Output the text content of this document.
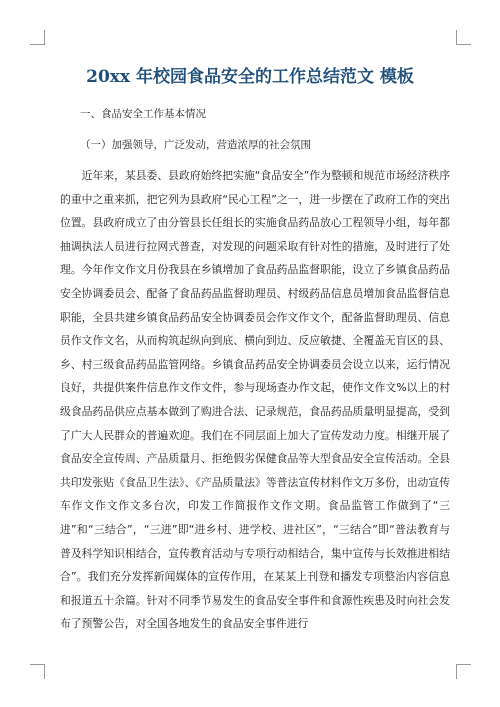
20xx 年校园食品安全的工作总结范文 模板
一、食品安全工作基本情况
（一）加强领导，广泛发动，营造浓厚的社会氛围

近年来，某县委、县政府始终把实施“食品安全”作为整顿和规范市场经济秩序的重中之重来抓，把它列为县政府“民心工程”之一，进一步摆在了政府工作的突出位置。县政府成立了由分管县长任组长的实施食品药品放心工程领导小组，每年都抽调执法人员进行拉网式普查，对发现的问题采取有针对性的措施，及时进行了处理。今年作文作文月份我县在乡镇增加了食品药品监督职能，设立了乡镇食品药品安全协调委员会、配备了食品药品监督助理员、村级药品信息员增加食品监督信息职能，全县共建乡镇食品药品安全协调委员会作文作文个，配备监督助理员、信息员作文作文名，从而构筑起纵向到底、横向到边、反应敏捷、全覆盖无盲区的县、乡、村三级食品药品监管网络。乡镇食品药品安全协调委员会设立以来，运行情况良好，共提供案件信息作文作文件，参与现场查办作文起，使作文作文%以上的村级食品药品供应点基本做到了购进合法、记录规范，食品药品质量明显提高，受到了广大人民群众的普遍欢迎。我们在不同层面上加大了宣传发动力度。相继开展了食品安全宣传周、产品质量月、拒绝假劣保健食品等大型食品安全宣传活动。全县共印发张贴《食品卫生法》、《产品质量法》等普法宣传材料作文万多份，出动宣传车作文作文作文多台次，印发工作简报作文作文期。食品监管工作做到了“三进”和“三结合”，“三进”即“进乡村、进学校、进社区”，“三结合”即“普法教育与普及科学知识相结合，宣传教育活动与专项行动相结合，集中宣传与长效推进相结合”。我们充分发挥新闻媒体的宣传作用，在某某上刊登和播发专项整治内容信息和报道五十余篇。针对不同季节易发生的食品安全事件和食源性疾患及时向社会发布了预警公告，对全国各地发生的食品安全事件进行
